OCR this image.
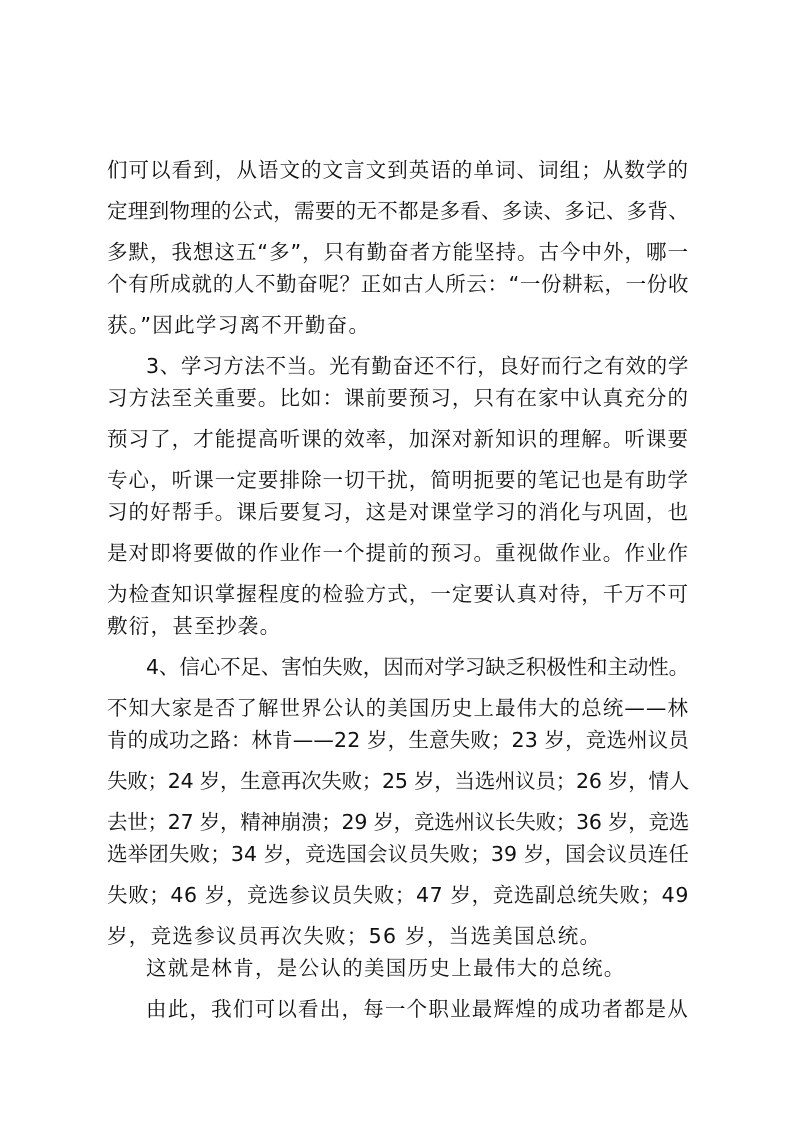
们可以看到，从语文的文言文到英语的单词、词组；从数学的
定理到物理的公式，需要的无不都是多看、多读、多记、多背、
多默，我想这五“多”，只有勤奋者方能坚持。古今中外，哪一
个有所成就的人不勤奋呢？正如古人所云：“一份耕耘，一份收
获。”因此学习离不开勤奋。
3、学习方法不当。光有勤奋还不行，良好而行之有效的学
习方法至关重要。比如：课前要预习，只有在家中认真充分的
预习了，才能提高听课的效率，加深对新知识的理解。听课要
专心，听课一定要排除一切干扰，简明扼要的笔记也是有助学
习的好帮手。课后要复习，这是对课堂学习的消化与巩固，也
是对即将要做的作业作一个提前的预习。重视做作业。作业作
为检查知识掌握程度的检验方式，一定要认真对待，千万不可
敷衍，甚至抄袭。
4、信心不足、害怕失败，因而对学习缺乏积极性和主动性。
不知大家是否了解世界公认的美国历史上最伟大的总统——林
肯的成功之路：林肯——22 岁，生意失败；23 岁，竞选州议员
失败；24 岁，生意再次失败；25 岁，当选州议员；26 岁，情人
去世；27 岁，精神崩溃；29 岁，竞选州议长失败；36 岁，竞选
选举团失败；34 岁，竞选国会议员失败；39 岁，国会议员连任
失败；46 岁，竞选参议员失败；47 岁，竞选副总统失败；49
岁，竞选参议员再次失败；56 岁，当选美国总统。
这就是林肯，是公认的美国历史上最伟大的总统。
由此，我们可以看出，每一个职业最辉煌的成功者都是从
